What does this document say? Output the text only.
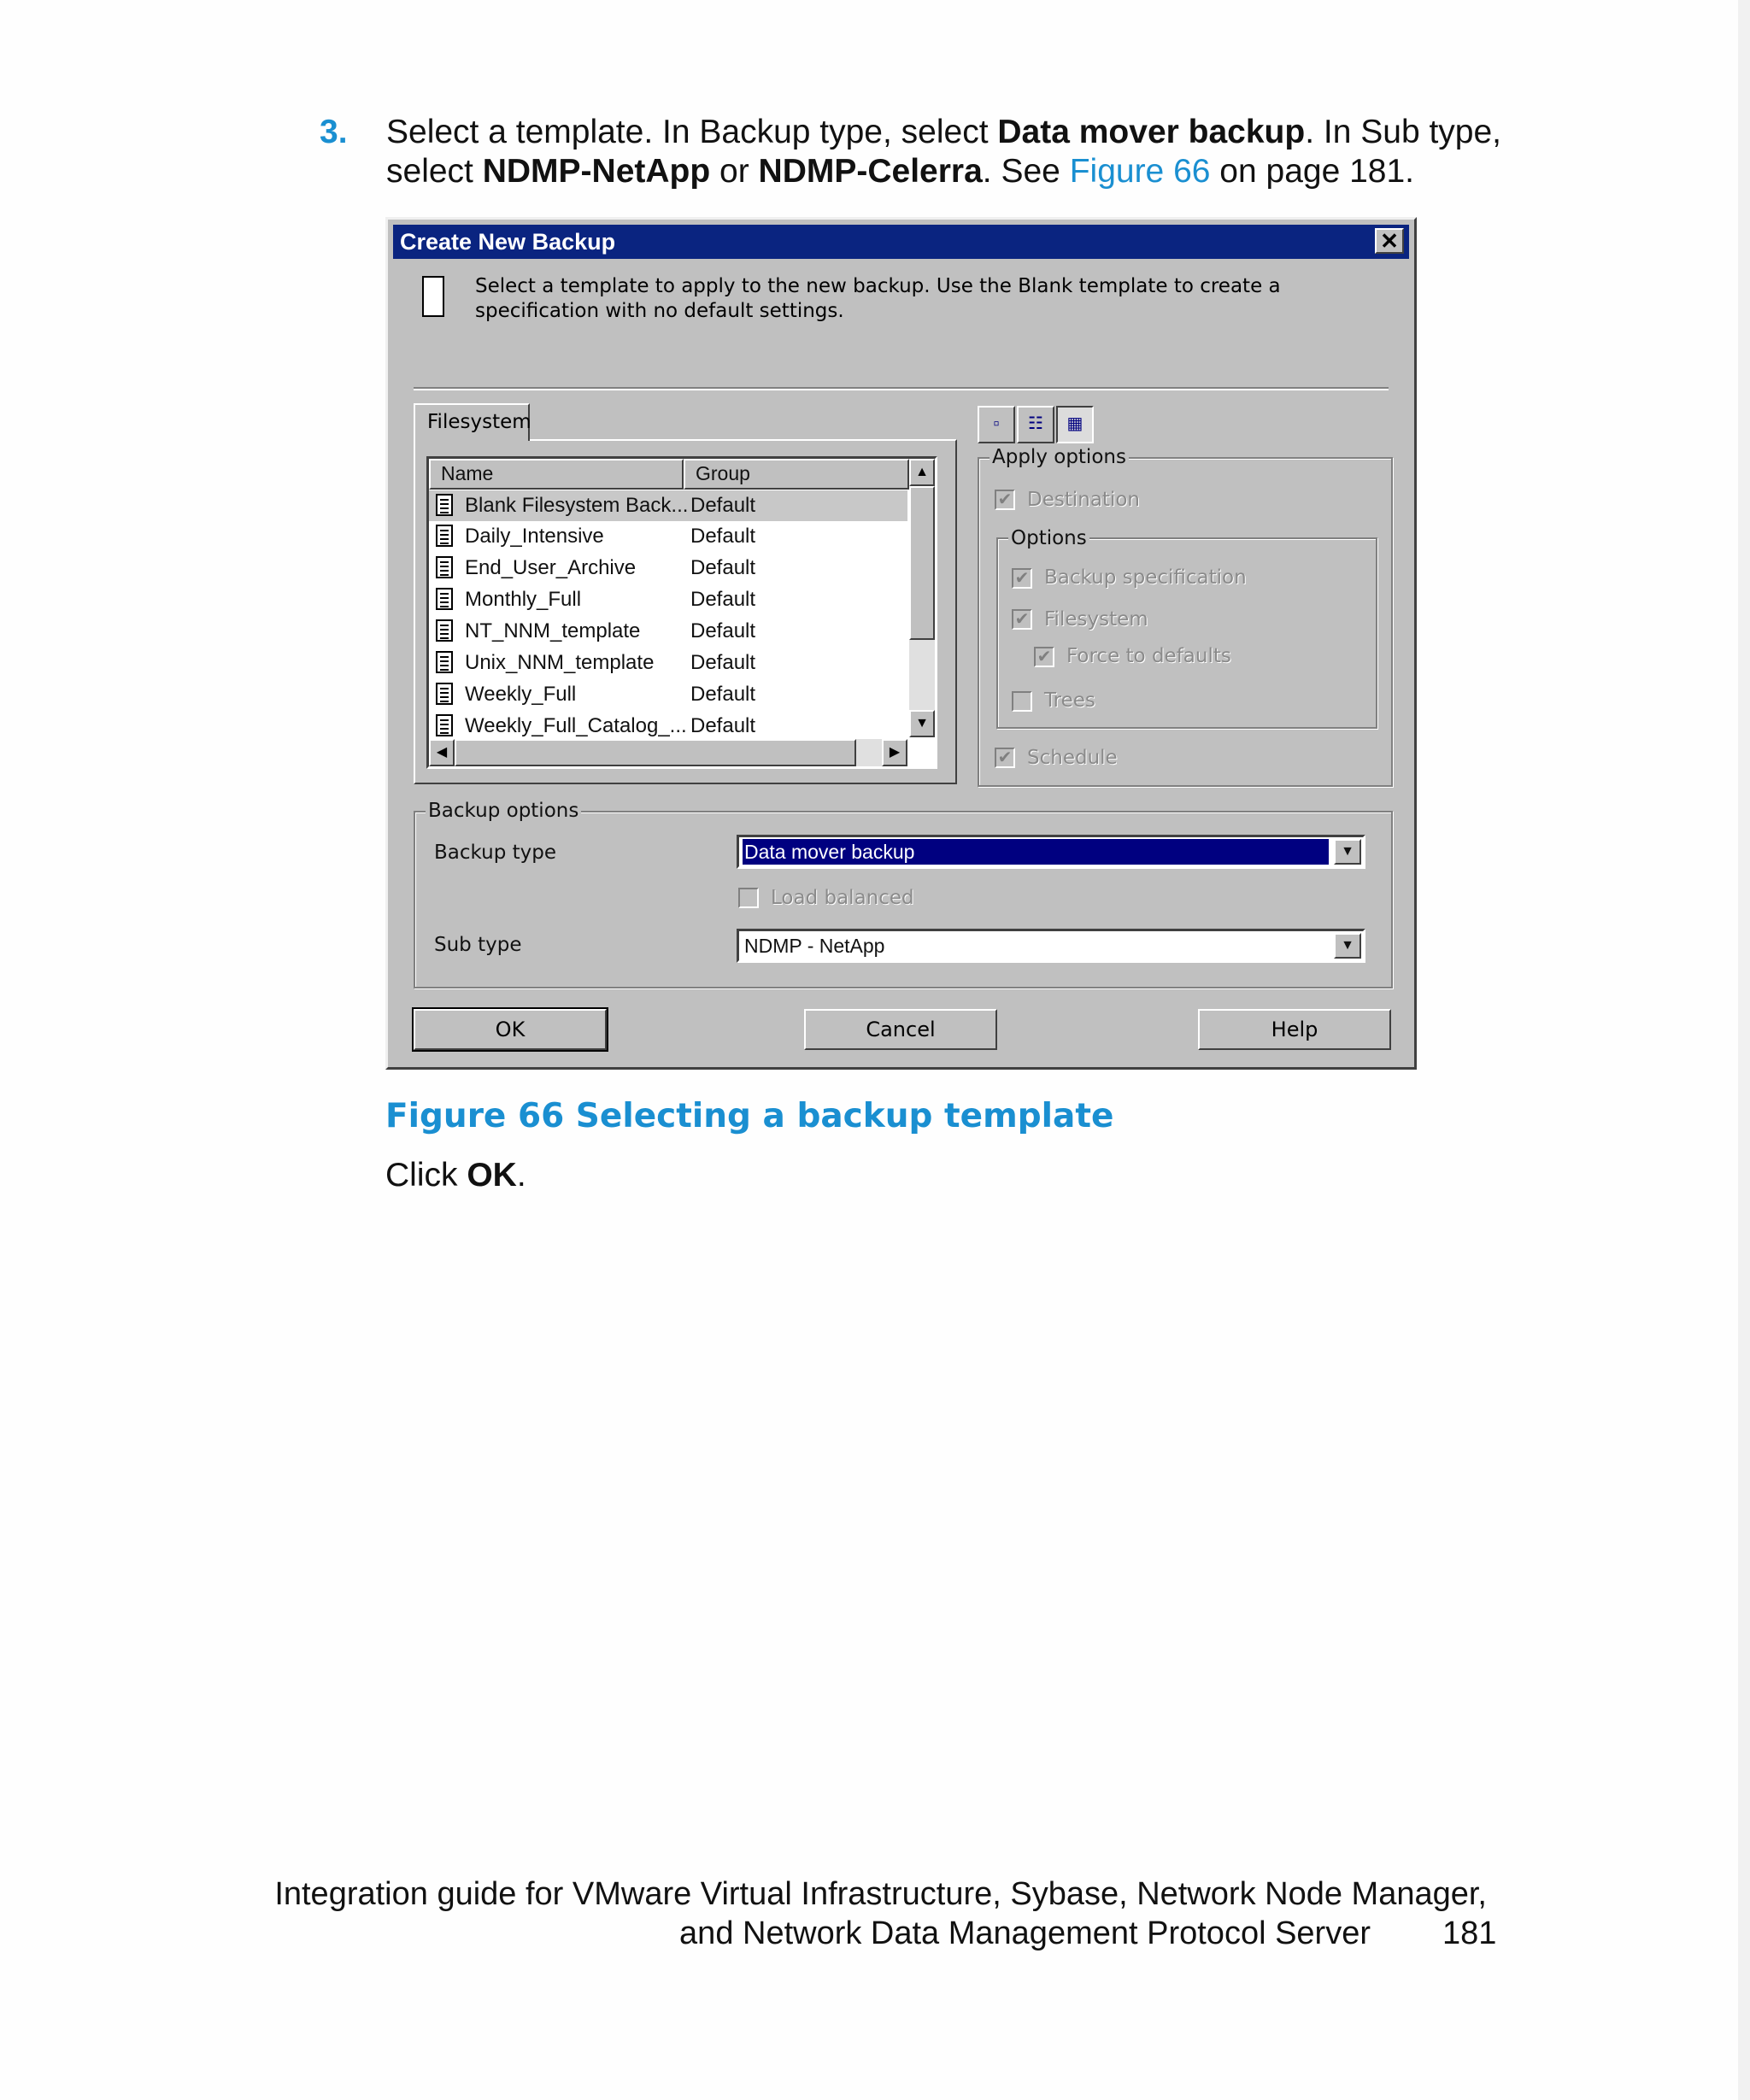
3. Select a template. In Backup type, select Data mover backup. In Sub type, select NDMP-NetApp or NDMP-Celerra. See Figure 66 on page 181.
Create New Backup	✕
Select a template to apply to the new backup. Use the Blank template to create a specification with no default settings.
Filesystem
Name	Group
Blank Filesystem Back... Default
Daily_Intensive	Default
End_User_Archive	Default
Monthly_Full	Default
NT_NNM_template Default
Unix_NNM_template Default
Weekly_Full	Default
Weekly_Full_Catalog_... Default
▲
▼
◀	▶
▫	☷	▦
Apply options
✔ Destination
Options
✔ Backup specification
✔ Filesystem
✔ Force to defaults
Trees
✔ Schedule
Backup options
Backup type	Data mover backup	▼
Load balanced
Sub type	NDMP - NetApp	▼
OK	Cancel	Help
Figure 66 Selecting a backup template
Click OK.
Integration guide for VMware Virtual Infrastructure, Sybase, Network Node Manager,
and Network Data Management Protocol Server 181
